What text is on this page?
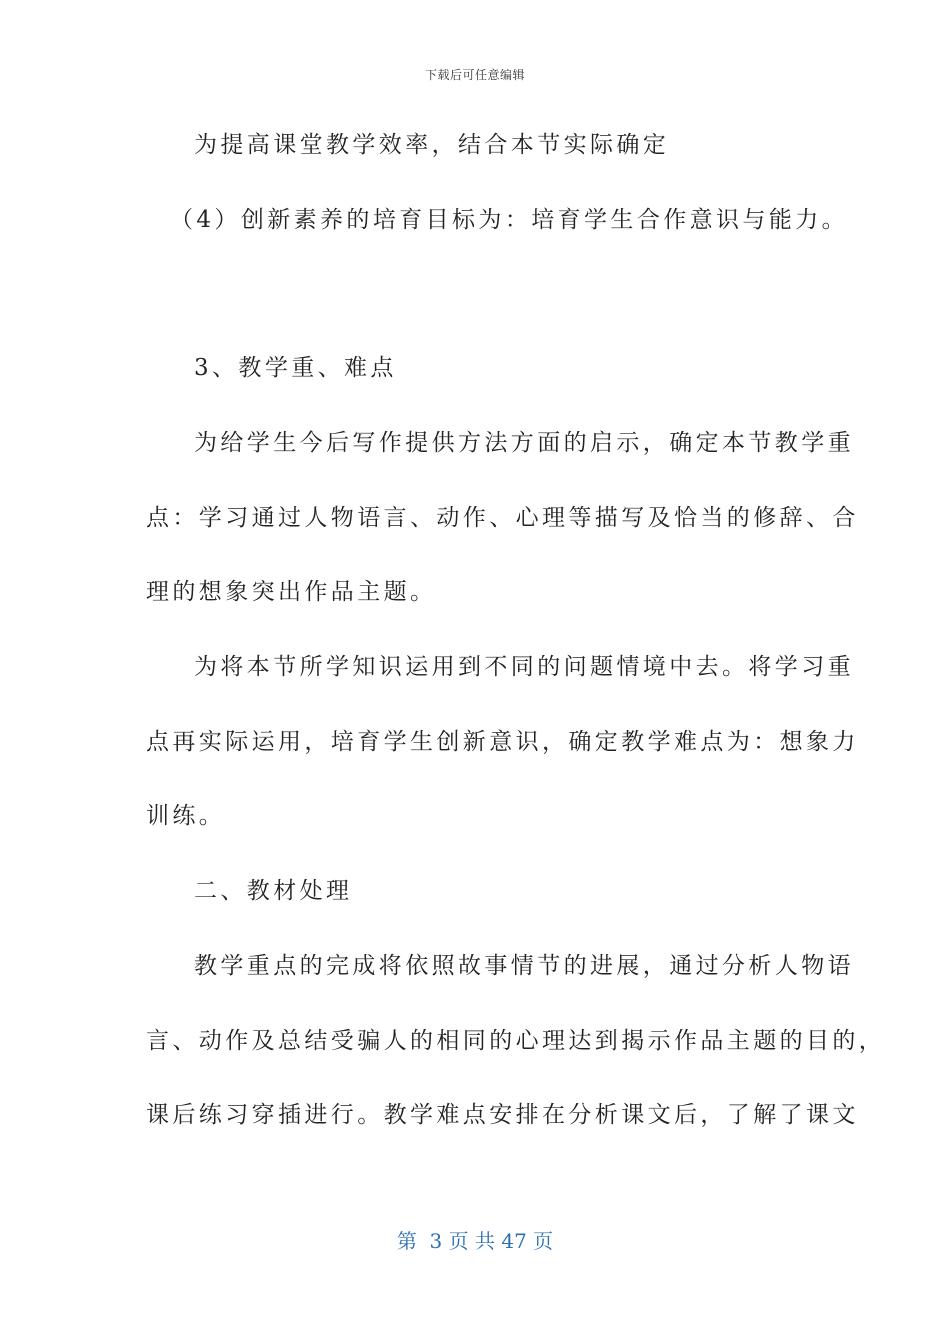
下载后可任意编辑
为提高课堂教学效率，结合本节实际确定
（4）创新素养的培育目标为：培育学生合作意识与能力。
3、教学重、难点
为给学生今后写作提供方法方面的启示，确定本节教学重
点：学习通过人物语言、动作、心理等描写及恰当的修辞、合
理的想象突出作品主题。
为将本节所学知识运用到不同的问题情境中去。将学习重
点再实际运用，培育学生创新意识，确定教学难点为：想象力
训练。
二、教材处理
教学重点的完成将依照故事情节的进展，通过分析人物语
言、动作及总结受骗人的相同的心理达到揭示作品主题的目的，
课后练习穿插进行。教学难点安排在分析课文后，了解了课文
第  3 页 共 47 页
